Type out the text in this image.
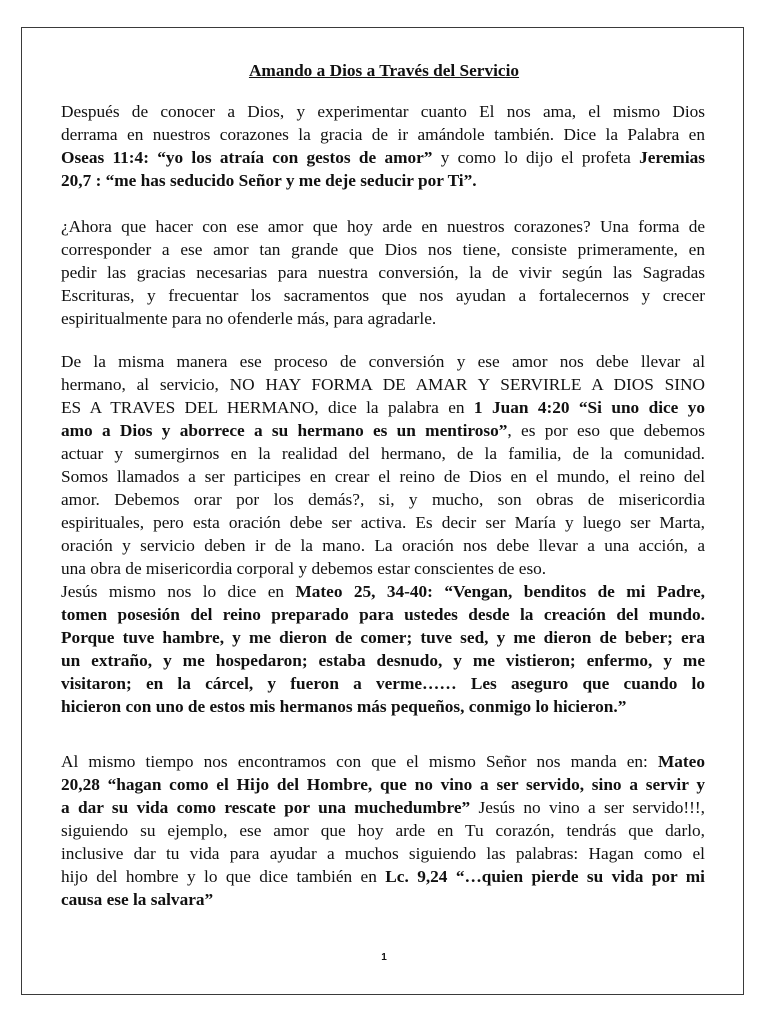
Amando a Dios a Través del Servicio
Después de conocer a Dios, y experimentar cuanto El nos ama, el mismo Dios
derrama en nuestros corazones la gracia de ir amándole también. Dice la Palabra en
Oseas 11:4: “yo los atraía con gestos de amor” y como lo dijo el profeta Jeremias
20,7 : “me has seducido Señor y me deje seducir por Ti”.
¿Ahora que hacer con ese amor que hoy arde en nuestros corazones? Una forma de
corresponder a ese amor tan grande que Dios nos tiene, consiste primeramente, en
pedir las gracias necesarias para nuestra conversión, la de vivir según las Sagradas
Escrituras, y frecuentar los sacramentos que nos ayudan a fortalecernos y crecer
espiritualmente para no ofenderle más, para agradarle.
De la misma manera ese proceso de conversión y ese amor nos debe llevar al
hermano, al servicio, NO HAY FORMA DE AMAR Y SERVIRLE A DIOS SINO
ES A TRAVES DEL HERMANO, dice la palabra en 1 Juan 4:20 “Si uno dice yo
amo a Dios y aborrece a su hermano es un mentiroso”, es por eso que debemos
actuar y sumergirnos en la realidad del hermano, de la familia, de la comunidad.
Somos llamados a ser participes en crear el reino de Dios en el mundo, el reino del
amor. Debemos orar por los demás?, si, y mucho, son obras de misericordia
espirituales, pero esta oración debe ser activa. Es decir ser María y luego ser Marta,
oración y servicio deben ir de la mano. La oración nos debe llevar a una acción, a
una obra de misericordia corporal y debemos estar conscientes de eso.
Jesús mismo nos lo dice en Mateo 25, 34-40: “Vengan, benditos de mi Padre,
tomen posesión del reino preparado para ustedes desde la creación del mundo.
Porque tuve hambre, y me dieron de comer; tuve sed, y me dieron de beber; era
un extraño, y me hospedaron; estaba desnudo, y me vistieron; enfermo, y me
visitaron; en la cárcel, y fueron a verme…… Les aseguro que cuando lo
hicieron con uno de estos mis hermanos más pequeños, conmigo lo hicieron.”
Al mismo tiempo nos encontramos con que el mismo Señor nos manda en: Mateo
20,28 “hagan como el Hijo del Hombre, que no vino a ser servido, sino a servir y
a dar su vida como rescate por una muchedumbre” Jesús no vino a ser servido!!!,
siguiendo su ejemplo, ese amor que hoy arde en Tu corazón, tendrás que darlo,
inclusive dar tu vida para ayudar a muchos siguiendo las palabras: Hagan como el
hijo del hombre y lo que dice también en Lc. 9,24 “…quien pierde su vida por mi
causa ese la salvara”
1
